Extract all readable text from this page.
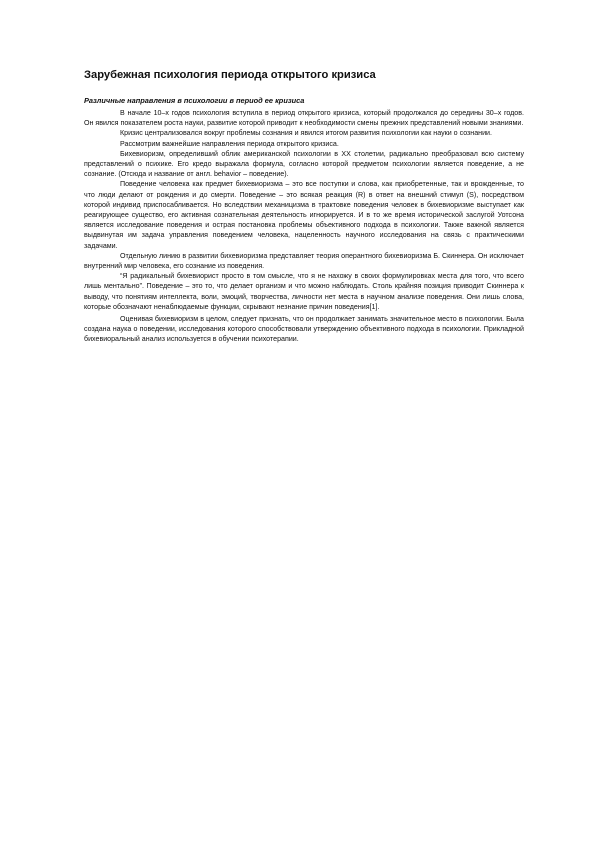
Зарубежная психология периода открытого кризиса
Различные направления в психологии в период ее кризиса

В начале 10–х годов психология вступила в период открытого кризиса, который продолжался до середины 30–х годов. Он явился показателем роста науки, развитие которой приводит к необходимости смены прежних представлений новыми знаниями.

Кризис централизовался вокруг проблемы сознания и явился итогом развития психологии как науки о сознании.

Рассмотрим важнейшие направления периода открытого кризиса.

Бихевиоризм, определивший облик американской психологии в XX столетии, радикально преобразовал всю систему представлений о психике. Его кредо выражала формула, согласно которой предметом психологии является поведение, а не сознание. (Отсюда и название от англ. behavior – поведение).

Поведение человека как предмет бихевиоризма – это все поступки и слова, как приобретенные, так и врожденные, то что люди делают от рождения и до смерти. Поведение – это всякая реакция (R) в ответ на внешний стимул (S), посредством которой индивид приспосабливается. Но вследствии механицизма в трактовке поведения человек в бихевиоризме выступает как реагирующее существо, его активная сознательная деятельность игнорируется. И в то же время исторической заслугой Уотсона является исследование поведения и острая постановка проблемы объективного подхода в психологии. Также важной является выдвинутая им задача управления поведением человека, нацеленность научного исследования на связь с практическими задачами.

Отдельную линию в развитии бихевиоризма представляет теория оперантного бихевиоризма Б. Скиннера. Он исключает внутренний мир человека, его сознание из поведения.

“Я радикальный бихевиорист просто в том смысле, что я не нахожу в своих формулировках места для того, что всего лишь ментально”. Поведение – это то, что делает организм и что можно наблюдать. Столь крайняя позиция приводит Скиннера к выводу, что понятиям интеллекта, воли, эмоций, творчества, личности нет места в научном анализе поведения. Они лишь слова, которые обозначают ненаблюдаемые функции, скрывают незнание причин поведения[1].

Оценивая бихевиоризм в целом, следует признать, что он продолжает занимать значительное место в психологии. Была создана наука о поведении, исследования которого способствовали утверждению объективного подхода в психологии. Прикладной бихевиоральный анализ используется в обучении психотерапии.
